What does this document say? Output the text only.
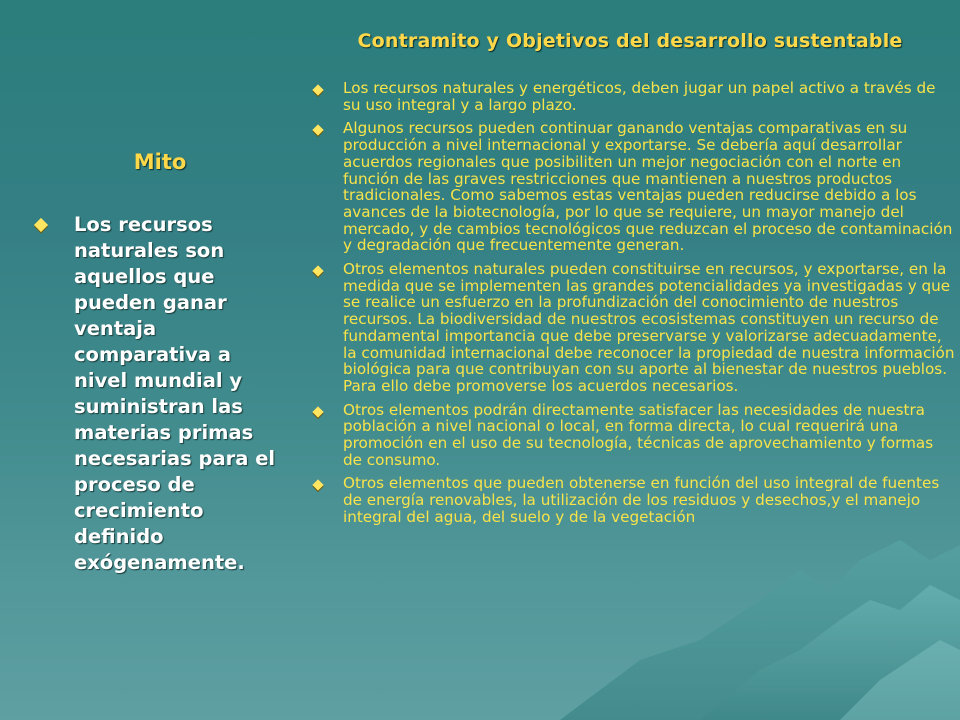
Contramito y Objetivos del desarrollo sustentable
Mito
Los recursos naturales son aquellos que pueden ganar ventaja comparativa a nivel mundial y suministran las materias primas necesarias para el proceso de crecimiento definido exógenamente.
Los recursos naturales y energéticos, deben jugar un papel activo a través de su uso integral y a largo plazo.
Algunos recursos pueden continuar ganando ventajas comparativas en su producción a nivel internacional y exportarse. Se debería aquí desarrollar acuerdos regionales que posibiliten un mejor negociación con el norte en función de las graves restricciones que mantienen a nuestros productos tradicionales. Como sabemos estas ventajas pueden reducirse debido a los avances de la biotecnología, por lo que se requiere, un mayor manejo del mercado, y de cambios tecnológicos que reduzcan el proceso de contaminación y degradación que frecuentemente generan.
Otros elementos naturales pueden constituirse en recursos, y exportarse, en la medida que se implementen las grandes potencialidades ya investigadas y que se realice un esfuerzo en la profundización del conocimiento de nuestros recursos. La biodiversidad de nuestros ecosistemas constituyen un recurso de fundamental importancia que debe preservarse y valorizarse adecuadamente, la comunidad internacional debe reconocer la propiedad de nuestra información biológica para que contribuyan con su aporte al bienestar de nuestros pueblos. Para ello debe promoverse los acuerdos necesarios.
Otros elementos podrán directamente satisfacer las necesidades de nuestra población a nivel nacional o local, en forma directa, lo cual requerirá una promoción en el uso de su tecnología, técnicas de aprovechamiento y formas de consumo.
Otros elementos que pueden obtenerse en función del uso integral de fuentes de energía renovables, la utilización de los residuos y desechos,y el manejo integral del agua, del suelo y de la vegetación
